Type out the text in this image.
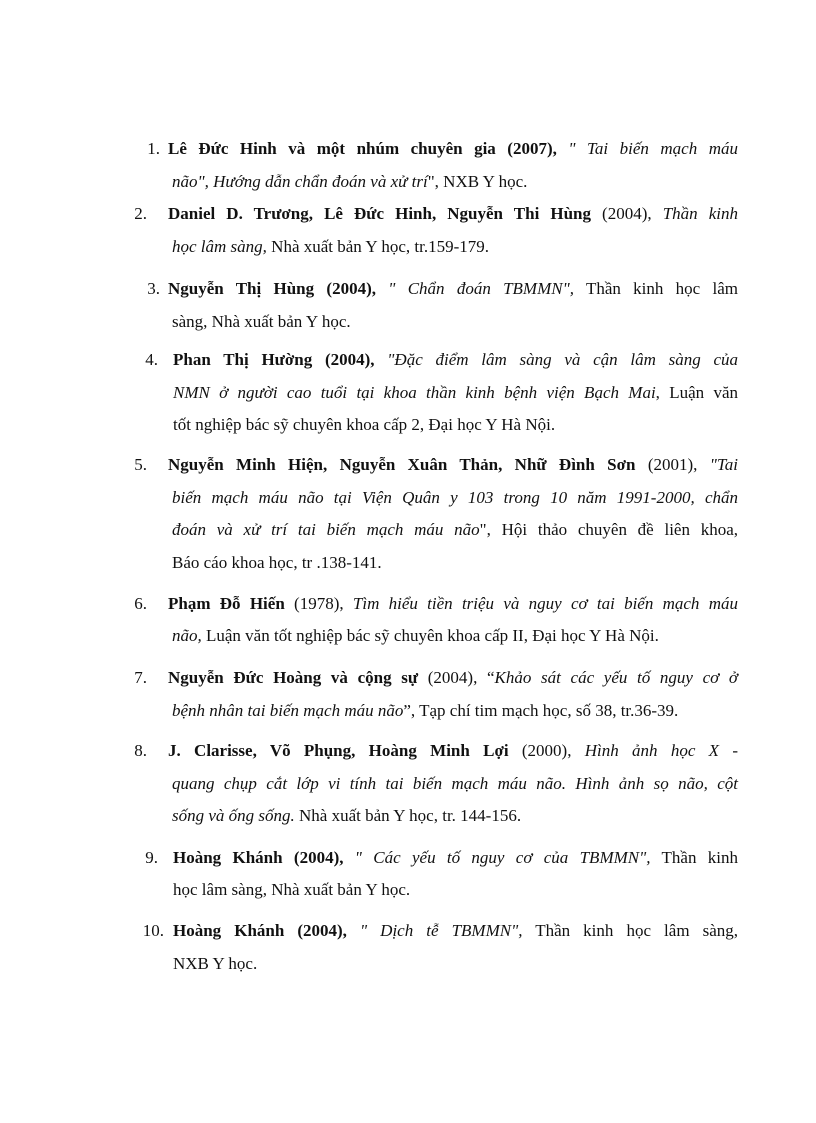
1. Lê Đức Hinh và một nhúm chuyên gia (2007), " Tai biến mạch máu
não", Hướng dẫn chẩn đoán và xử trí", NXB Y học.
2. Daniel D. Trương, Lê Đức Hinh, Nguyễn Thi Hùng (2004), Thần kinh
học lâm sàng, Nhà xuất bản Y học, tr.159-179.
3. Nguyễn Thị Hùng (2004), " Chẩn đoán TBMMN", Thần kinh học lâm
sàng, Nhà xuất bản Y học.
4. Phan Thị Hường (2004), "Đặc điểm lâm sàng và cận lâm sàng của
NMN ở người cao tuổi tại khoa thần kinh bệnh viện Bạch Mai, Luận văn
tốt nghiệp bác sỹ chuyên khoa cấp 2, Đại học Y Hà Nội.
5. Nguyễn Minh Hiện, Nguyễn Xuân Thản, Nhữ Đình Sơn (2001), "Tai
biến mạch máu não tại Viện Quân y 103 trong 10 năm 1991-2000, chẩn
đoán và xử trí tai biến mạch máu não", Hội thảo chuyên đề liên khoa,
Báo cáo khoa học, tr .138-141.
6. Phạm Đỗ Hiến (1978), Tìm hiểu tiền triệu và nguy cơ tai biến mạch máu
não, Luận văn tốt nghiệp bác sỹ chuyên khoa cấp II, Đại học Y Hà Nội.
7. Nguyễn Đức Hoàng và cộng sự (2004), “Khảo sát các yếu tố nguy cơ ở
bệnh nhân tai biến mạch máu não”, Tạp chí tim mạch học, số 38, tr.36-39.
8. J. Clarisse, Võ Phụng, Hoàng Minh Lợi (2000), Hình ảnh học X -
quang chụp cắt lớp vi tính tai biến mạch máu não. Hình ảnh sọ não, cột
sống và ống sống. Nhà xuất bản Y học, tr. 144-156.
9. Hoàng Khánh (2004), " Các yếu tố nguy cơ của TBMMN", Thần kinh
học lâm sàng, Nhà xuất bản Y học.
10. Hoàng Khánh (2004), " Dịch tễ TBMMN", Thần kinh học lâm sàng,
NXB Y học.
